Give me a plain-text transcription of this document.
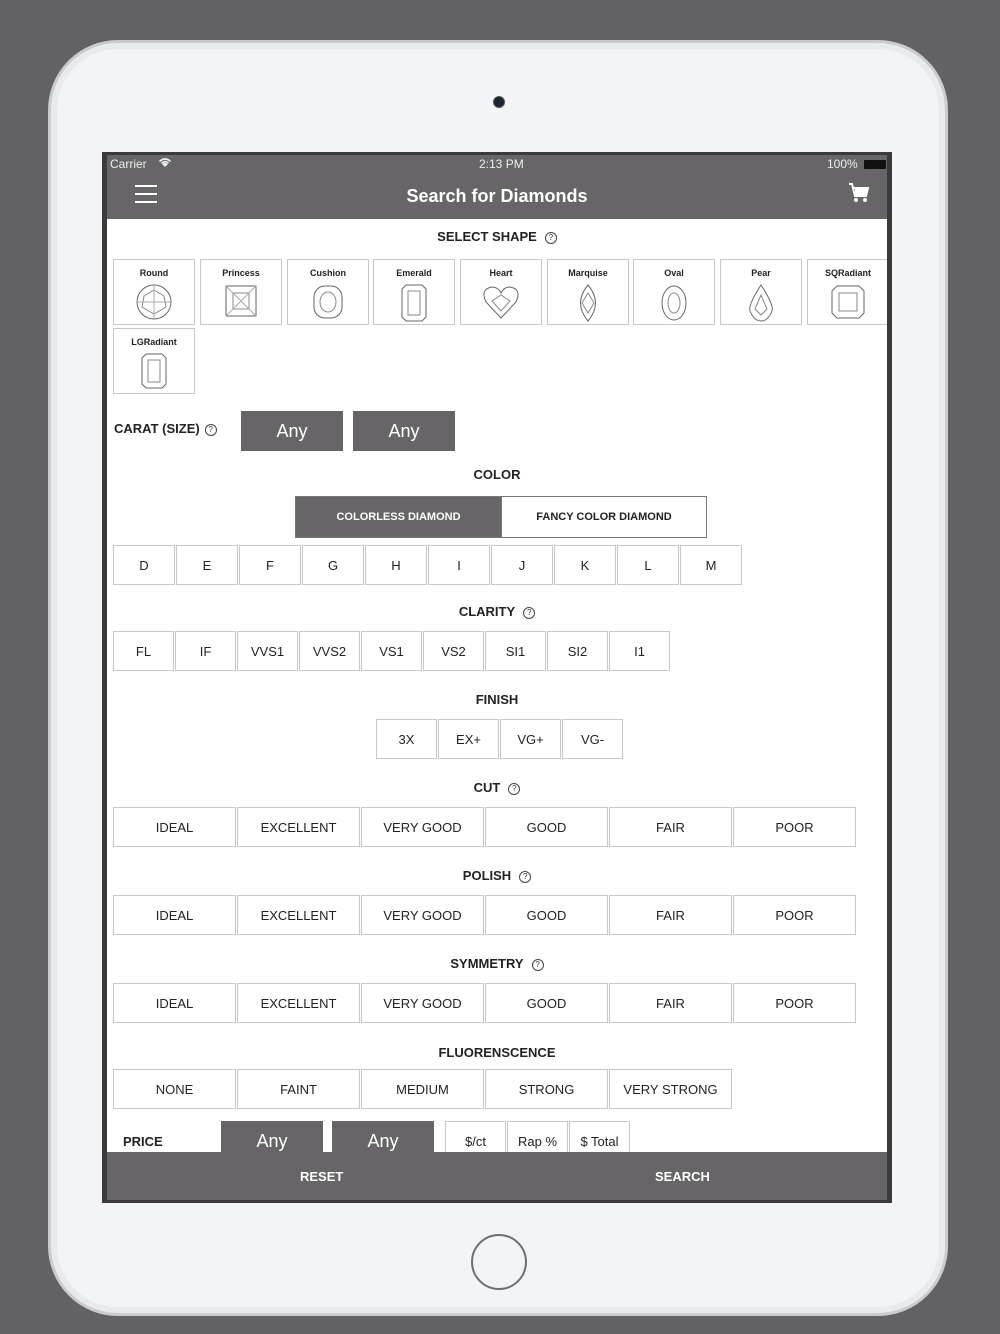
Carrier	2:13 PM	100%
Search for Diamonds
SELECT SHAPE ?
Round	Princess	Cushion	Emerald	Heart	Marquise	Oval	Pear	SQRadiant
LGRadiant
CARAT (SIZE) ?	Any	Any
COLOR
COLORLESS DIAMOND	FANCY COLOR DIAMOND
D	E	F	G	H	I	J	K	L	M
CLARITY ?
FL	IF	VVS1	VVS2	VS1	VS2	SI1	SI2	I1
FINISH
3X	EX+	VG+	VG-
CUT ?
IDEAL	EXCELLENT	VERY GOOD	GOOD	FAIR	POOR
POLISH ?
IDEAL	EXCELLENT	VERY GOOD	GOOD	FAIR	POOR
SYMMETRY ?
IDEAL	EXCELLENT	VERY GOOD	GOOD	FAIR	POOR
FLUORENSCENCE
NONE	FAINT	MEDIUM	STRONG	VERY STRONG
PRICE	Any	Any	$/ct	Rap %	$ Total
RESET	SEARCH
